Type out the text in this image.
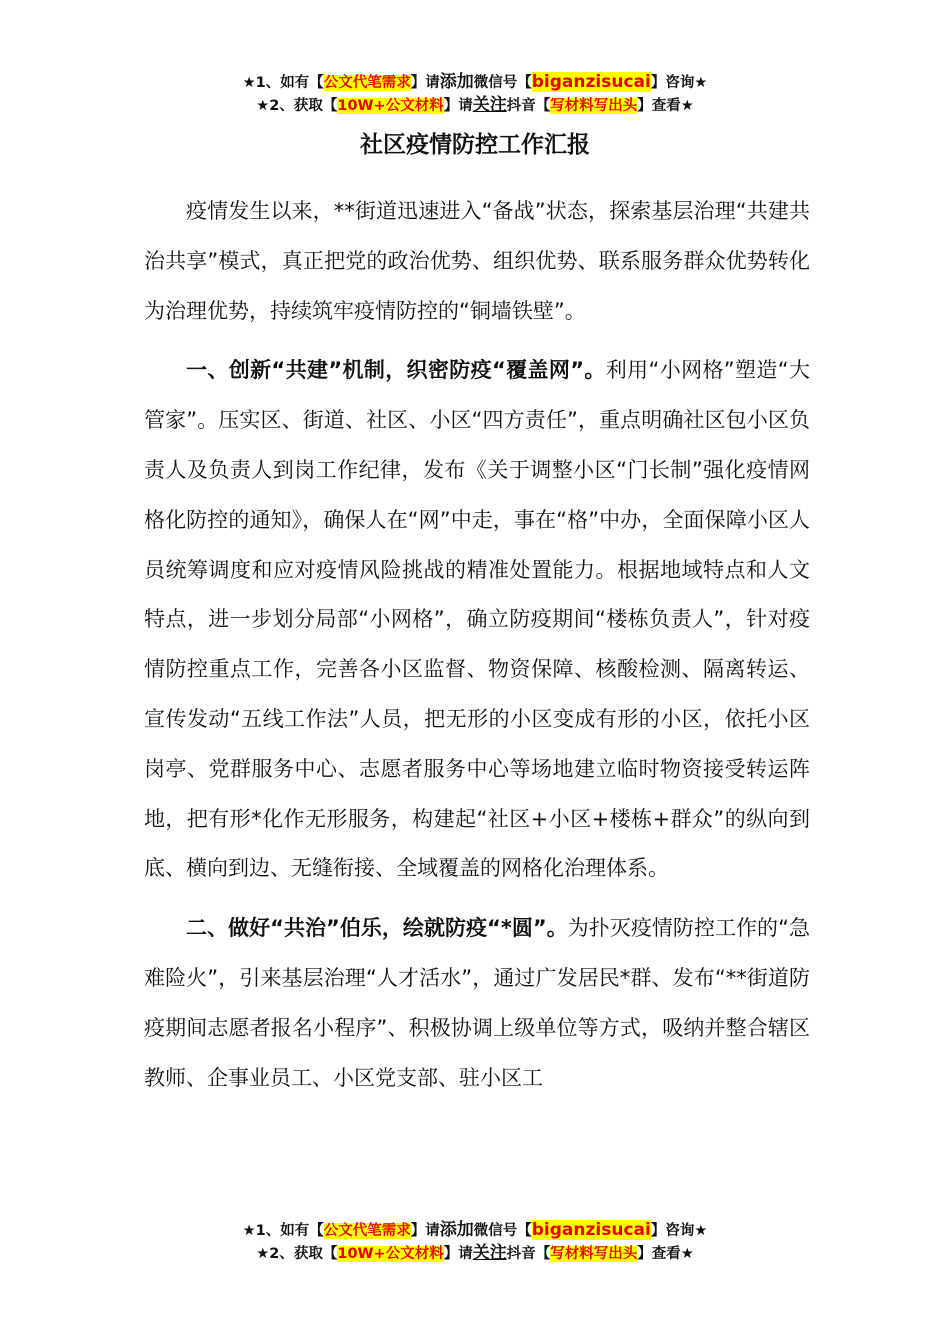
★1、如有【公文代笔需求】请添加微信号【biganzisucai】咨询★
★2、获取【10W+公文材料】请关注抖音【写材料写出头】查看★
社区疫情防控工作汇报

疫情发生以来，**街道迅速进入“备战”状态，探索基层治理“共建共治共享”模式，真正把党的政治优势、组织优势、联系服务群众优势转化为治理优势，持续筑牢疫情防控的“铜墙铁壁”。

一、创新“共建”机制，织密防疫“覆盖网”。利用“小网格”塑造“大管家”。压实区、街道、社区、小区“四方责任”，重点明确社区包小区负责人及负责人到岗工作纪律，发布《关于调整小区“门长制”强化疫情网格化防控的通知》，确保人在“网”中走，事在“格”中办，全面保障小区人员统筹调度和应对疫情风险挑战的精准处置能力。根据地域特点和人文特点，进一步划分局部“小网格”，确立防疫期间“楼栋负责人”，针对疫情防控重点工作，完善各小区监督、物资保障、核酸检测、隔离转运、宣传发动“五线工作法”人员，把无形的小区变成有形的小区，依托小区岗亭、党群服务中心、志愿者服务中心等场地建立临时物资接受转运阵地，把有形*化作无形服务，构建起“社区+小区+楼栋+群众”的纵向到底、横向到边、无缝衔接、全域覆盖的网格化治理体系。

二、做好“共治”伯乐，绘就防疫“*圆”。为扑灭疫情防控工作的“急难险火”，引来基层治理“人才活水”，通过广发居民*群、发布“**街道防疫期间志愿者报名小程序”、积极协调上级单位等方式，吸纳并整合辖区教师、企事业员工、小区党支部、驻小区工

★1、如有【公文代笔需求】请添加微信号【biganzisucai】咨询★
★2、获取【10W+公文材料】请关注抖音【写材料写出头】查看★
